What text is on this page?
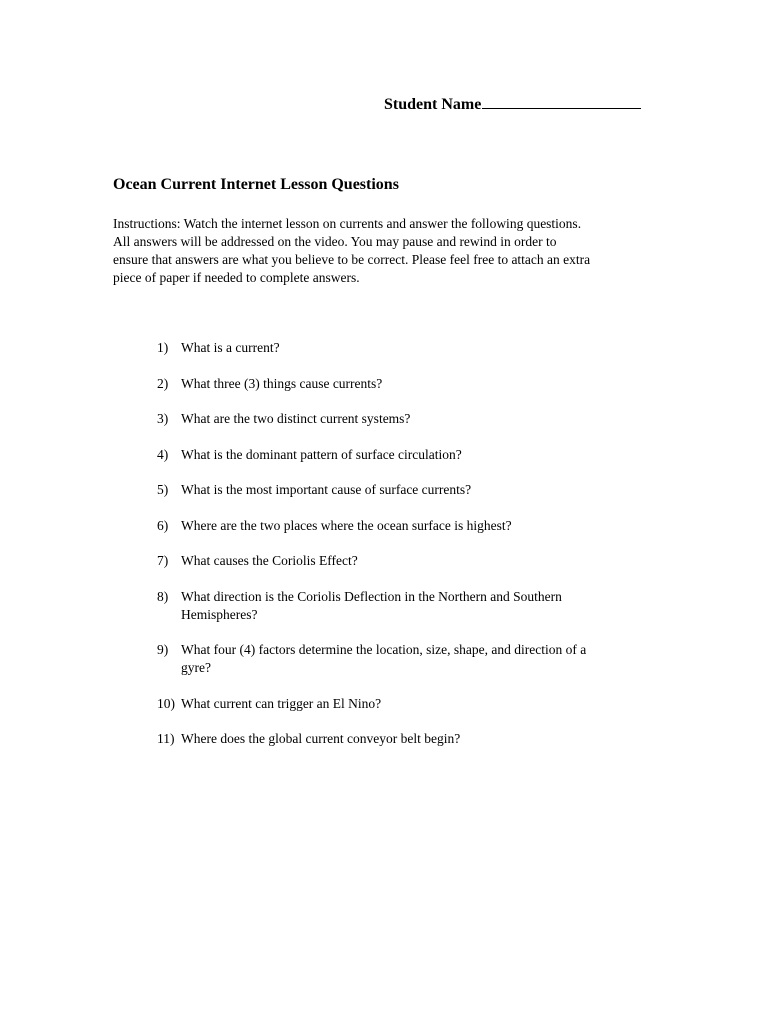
Student Name
Ocean Current Internet Lesson Questions
Instructions: Watch the internet lesson on currents and answer the following questions.
All answers will be addressed on the video. You may pause and rewind in order to
ensure that answers are what you believe to be correct. Please feel free to attach an extra
piece of paper if needed to complete answers.
1) What is a current?
2) What three (3) things cause currents?
3) What are the two distinct current systems?
4) What is the dominant pattern of surface circulation?
5) What is the most important cause of surface currents?
6) Where are the two places where the ocean surface is highest?
7) What causes the Coriolis Effect?
8) What direction is the Coriolis Deflection in the Northern and Southern
Hemispheres?
9) What four (4) factors determine the location, size, shape, and direction of a
gyre?
10) What current can trigger an El Nino?
11) Where does the global current conveyor belt begin?
